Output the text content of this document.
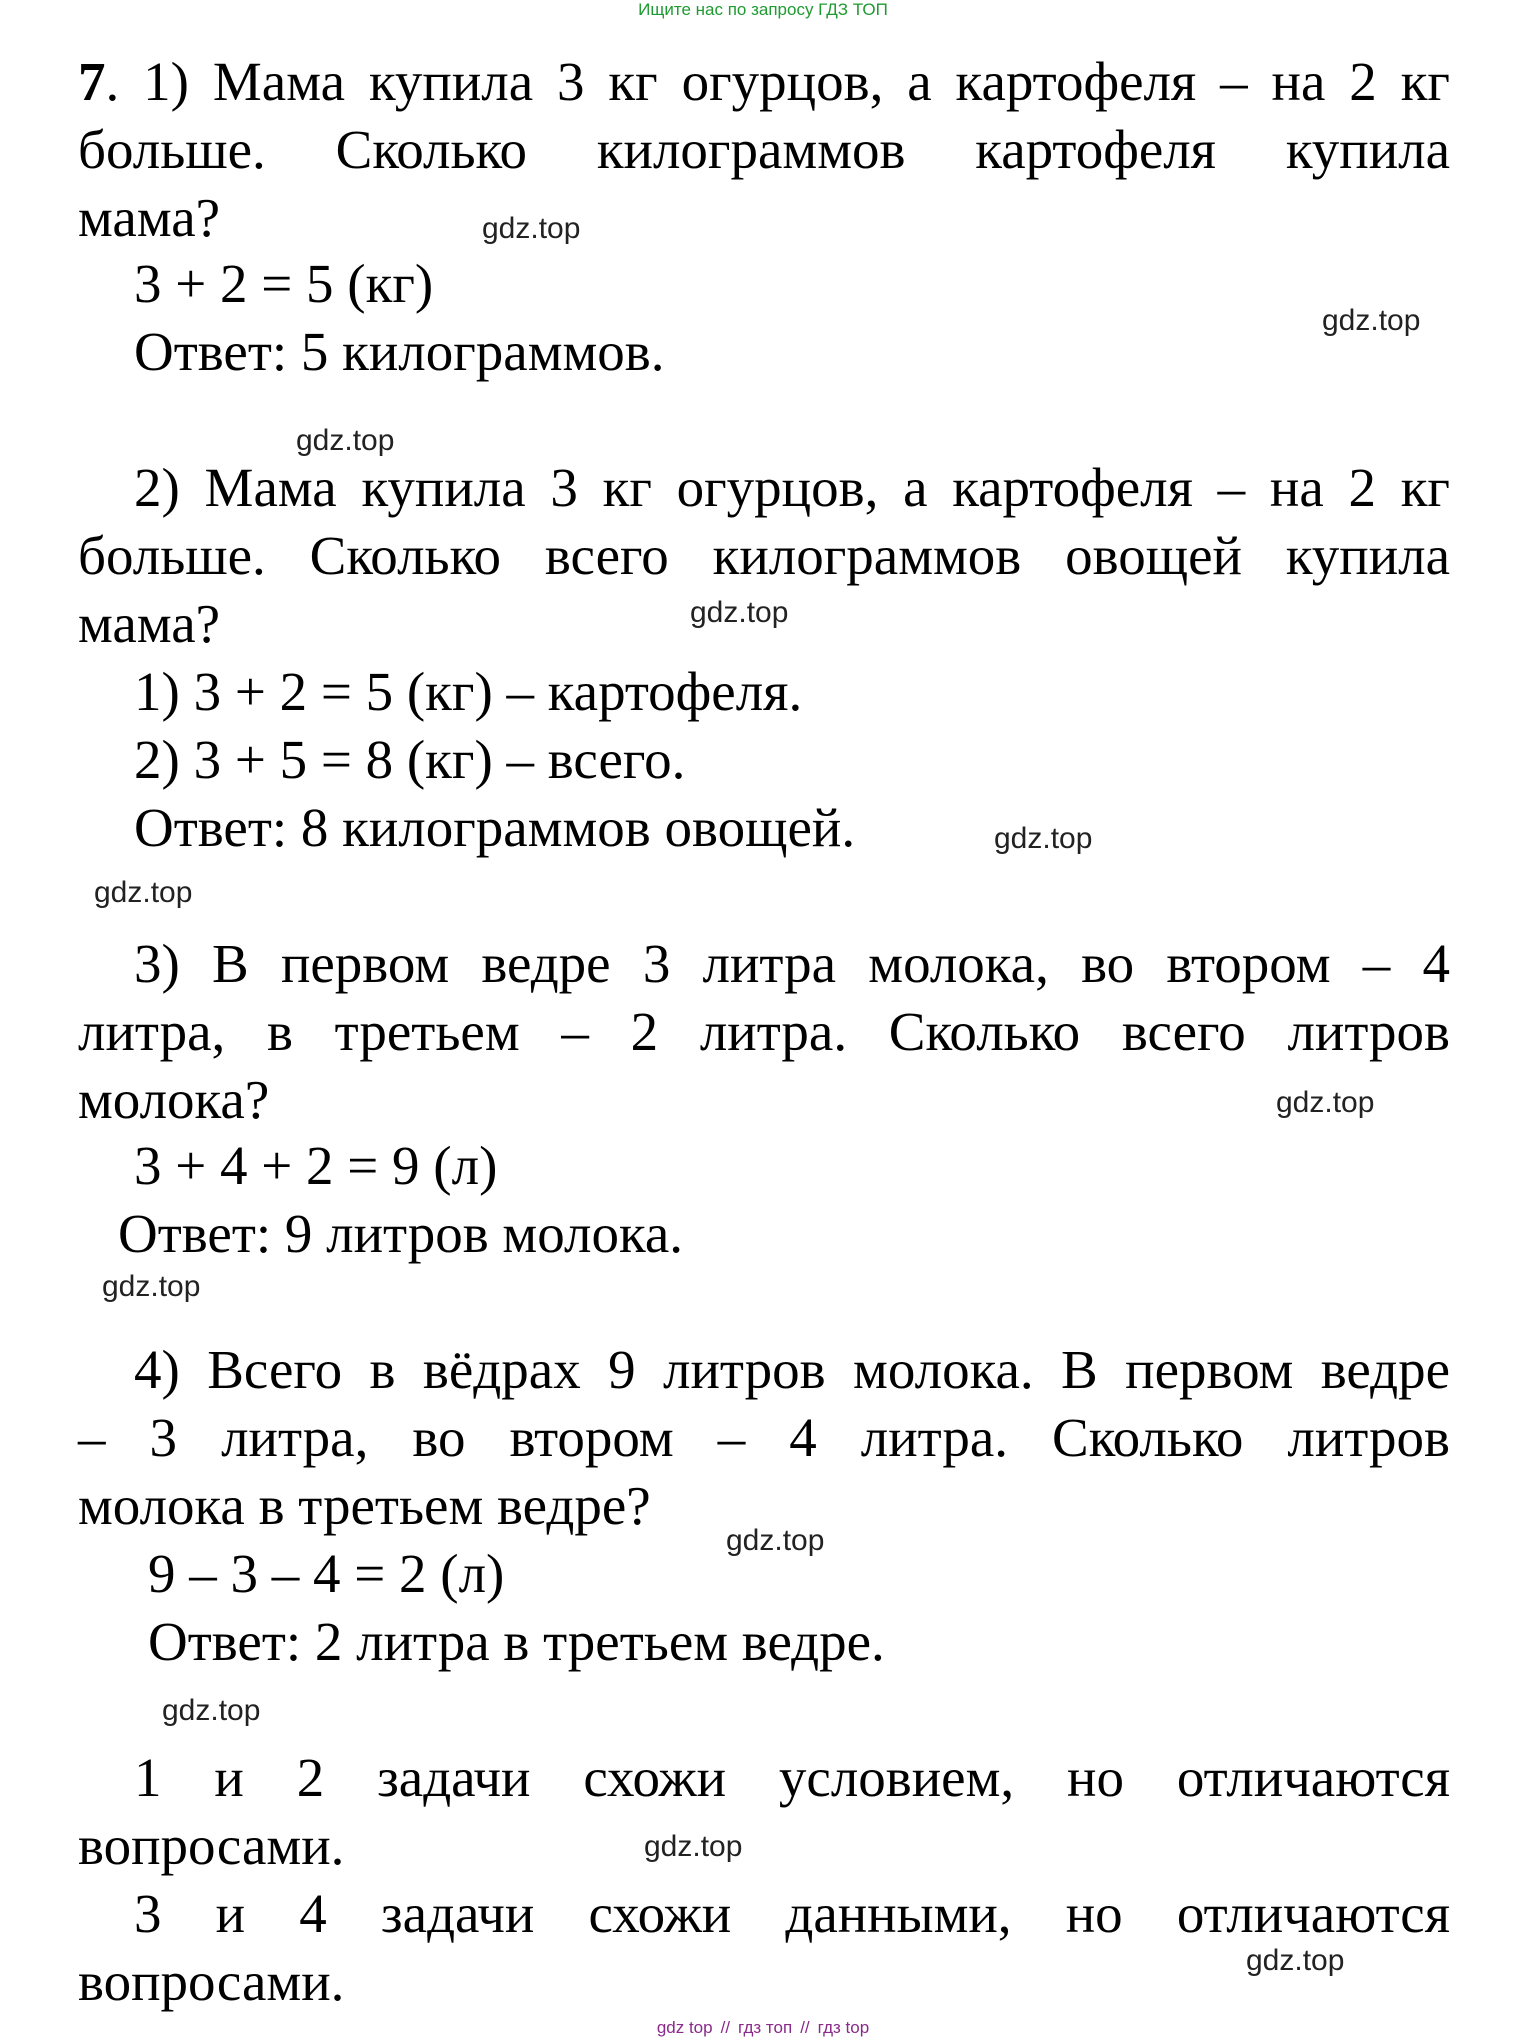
Ищите нас по запросу ГДЗ ТОП
7. 1) Мама купила 3 кг огурцов, а картофеля – на 2 кг
больше. Сколько килограммов картофеля купила
мама?
3 + 2 = 5 (кг)
Ответ: 5 килограммов.
2) Мама купила 3 кг огурцов, а картофеля – на 2 кг
больше. Сколько всего килограммов овощей купила
мама?
1) 3 + 2 = 5 (кг) – картофеля.
2) 3 + 5 = 8 (кг) – всего.
Ответ: 8 килограммов овощей.
3) В первом ведре 3 литра молока, во втором – 4
литра, в третьем – 2 литра. Сколько всего литров
молока?
3 + 4 + 2 = 9 (л)
Ответ: 9 литров молока.
4) Всего в вёдрах 9 литров молока. В первом ведре
– 3 литра, во втором – 4 литра. Сколько литров
молока в третьем ведре?
9 – 3 – 4 = 2 (л)
Ответ: 2 литра в третьем ведре.
1 и 2 задачи схожи условием, но отличаются
вопросами.
3 и 4 задачи схожи данными, но отличаются
вопросами.
gdz.top
gdz.top
gdz.top
gdz.top
gdz.top
gdz.top
gdz.top
gdz.top
gdz.top
gdz.top
gdz.top
gdz.top
gdz top // гдз топ // гдз top
